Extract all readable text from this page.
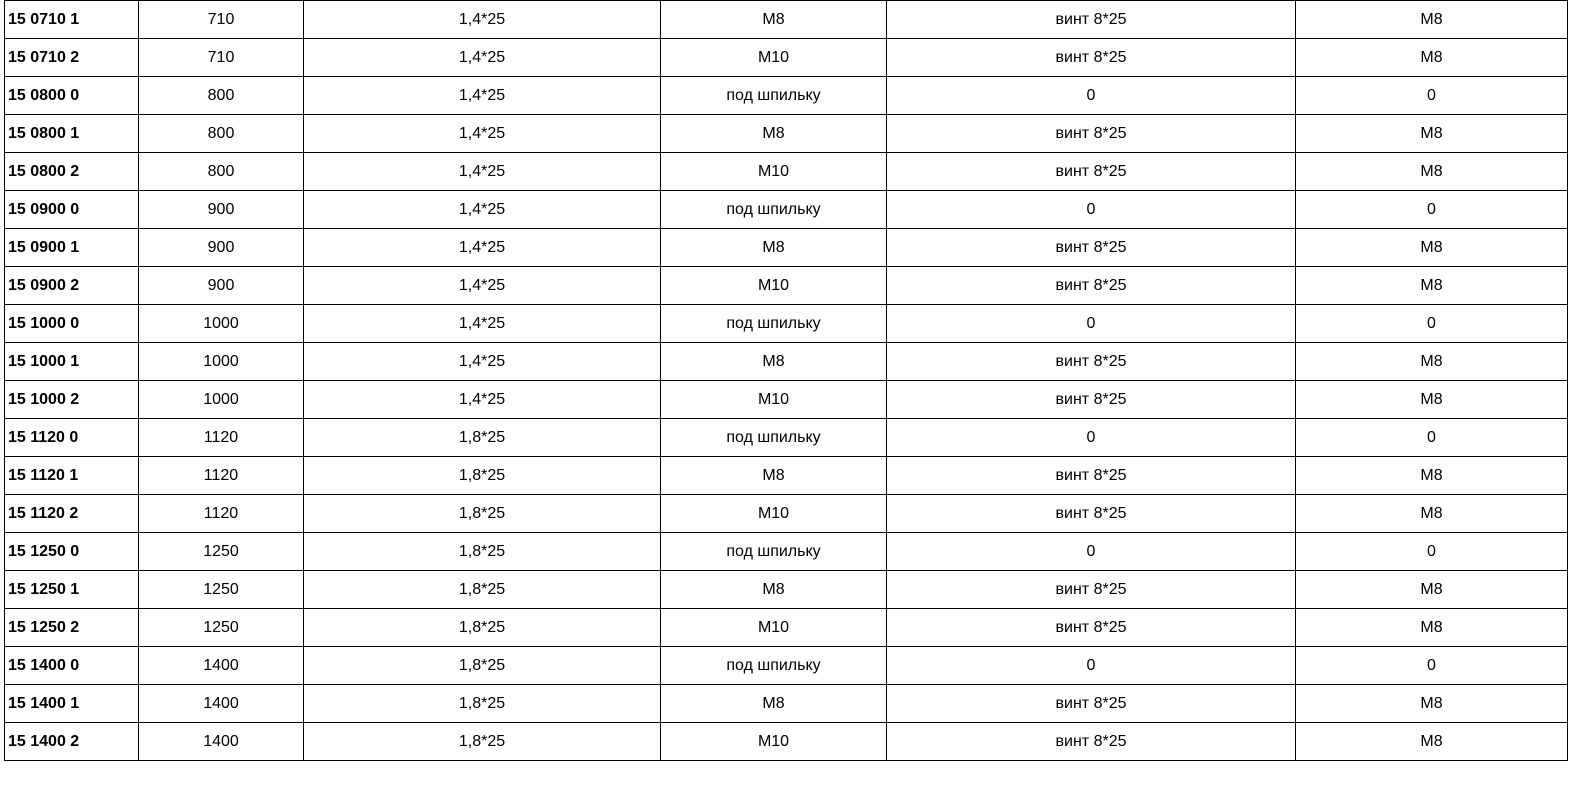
15 0710 1	710	1,4*25	M8	винт 8*25	M8
15 0710 2	710	1,4*25	M10	винт 8*25	M8
15 0800 0	800	1,4*25	под шпильку	0	0
15 0800 1	800	1,4*25	M8	винт 8*25	M8
15 0800 2	800	1,4*25	M10	винт 8*25	M8
15 0900 0	900	1,4*25	под шпильку	0	0
15 0900 1	900	1,4*25	M8	винт 8*25	M8
15 0900 2	900	1,4*25	M10	винт 8*25	M8
15 1000 0	1000	1,4*25	под шпильку	0	0
15 1000 1	1000	1,4*25	M8	винт 8*25	M8
15 1000 2	1000	1,4*25	M10	винт 8*25	M8
15 1120 0	1120	1,8*25	под шпильку	0	0
15 1120 1	1120	1,8*25	M8	винт 8*25	M8
15 1120 2	1120	1,8*25	M10	винт 8*25	M8
15 1250 0	1250	1,8*25	под шпильку	0	0
15 1250 1	1250	1,8*25	M8	винт 8*25	M8
15 1250 2	1250	1,8*25	M10	винт 8*25	M8
15 1400 0	1400	1,8*25	под шпильку	0	0
15 1400 1	1400	1,8*25	M8	винт 8*25	M8
15 1400 2	1400	1,8*25	M10	винт 8*25	M8
